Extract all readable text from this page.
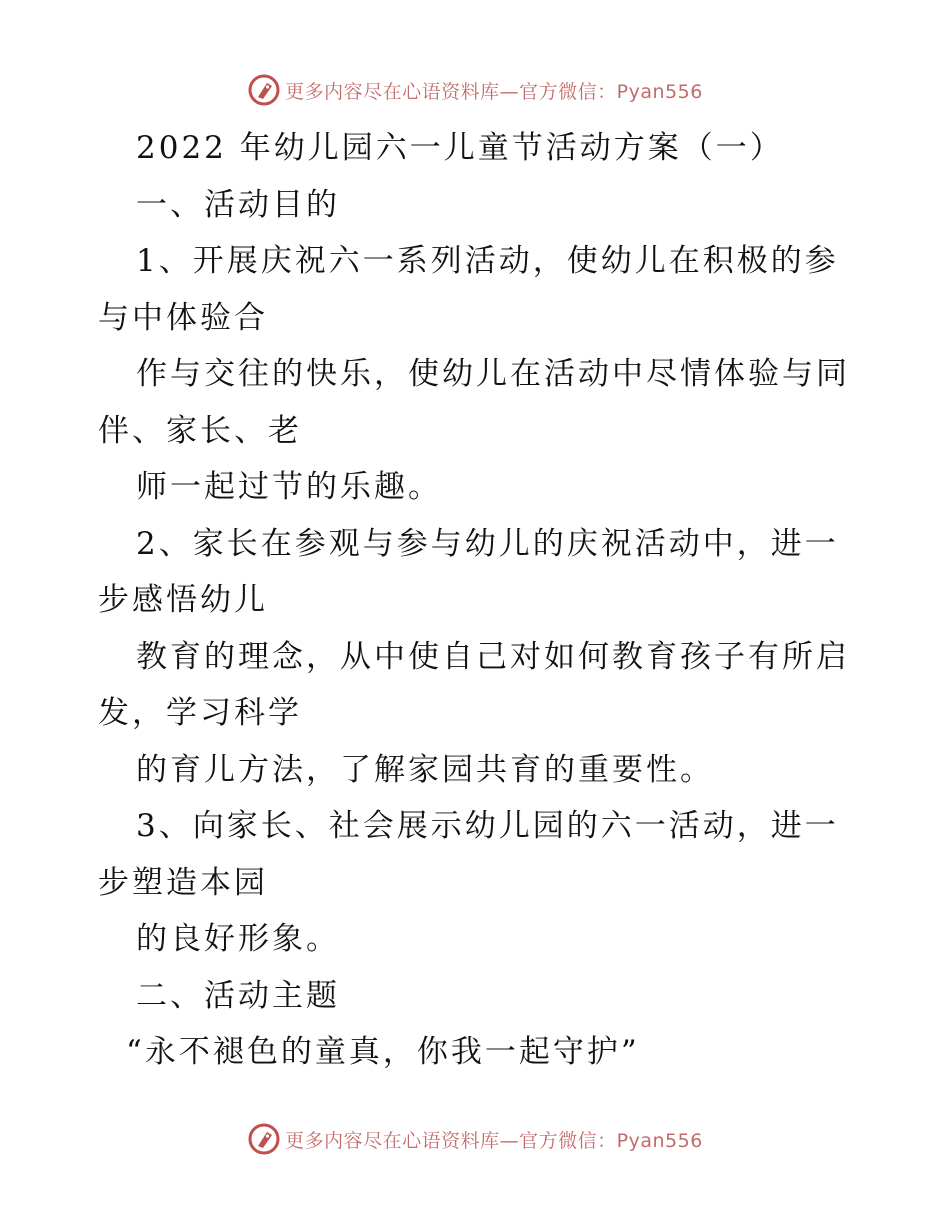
更多内容尽在心语资料库—官方微信：Pyan556
2022 年幼儿园六一儿童节活动方案（一）
一、活动目的
1、开展庆祝六一系列活动，使幼儿在积极的参
与中体验合
作与交往的快乐，使幼儿在活动中尽情体验与同
伴、家长、老
师一起过节的乐趣。
2、家长在参观与参与幼儿的庆祝活动中，进一
步感悟幼儿
教育的理念，从中使自己对如何教育孩子有所启
发，学习科学
的育儿方法，了解家园共育的重要性。
3、向家长、社会展示幼儿园的六一活动，进一
步塑造本园
的良好形象。
二、活动主题
“永不褪色的童真，你我一起守护”
更多内容尽在心语资料库—官方微信：Pyan556
